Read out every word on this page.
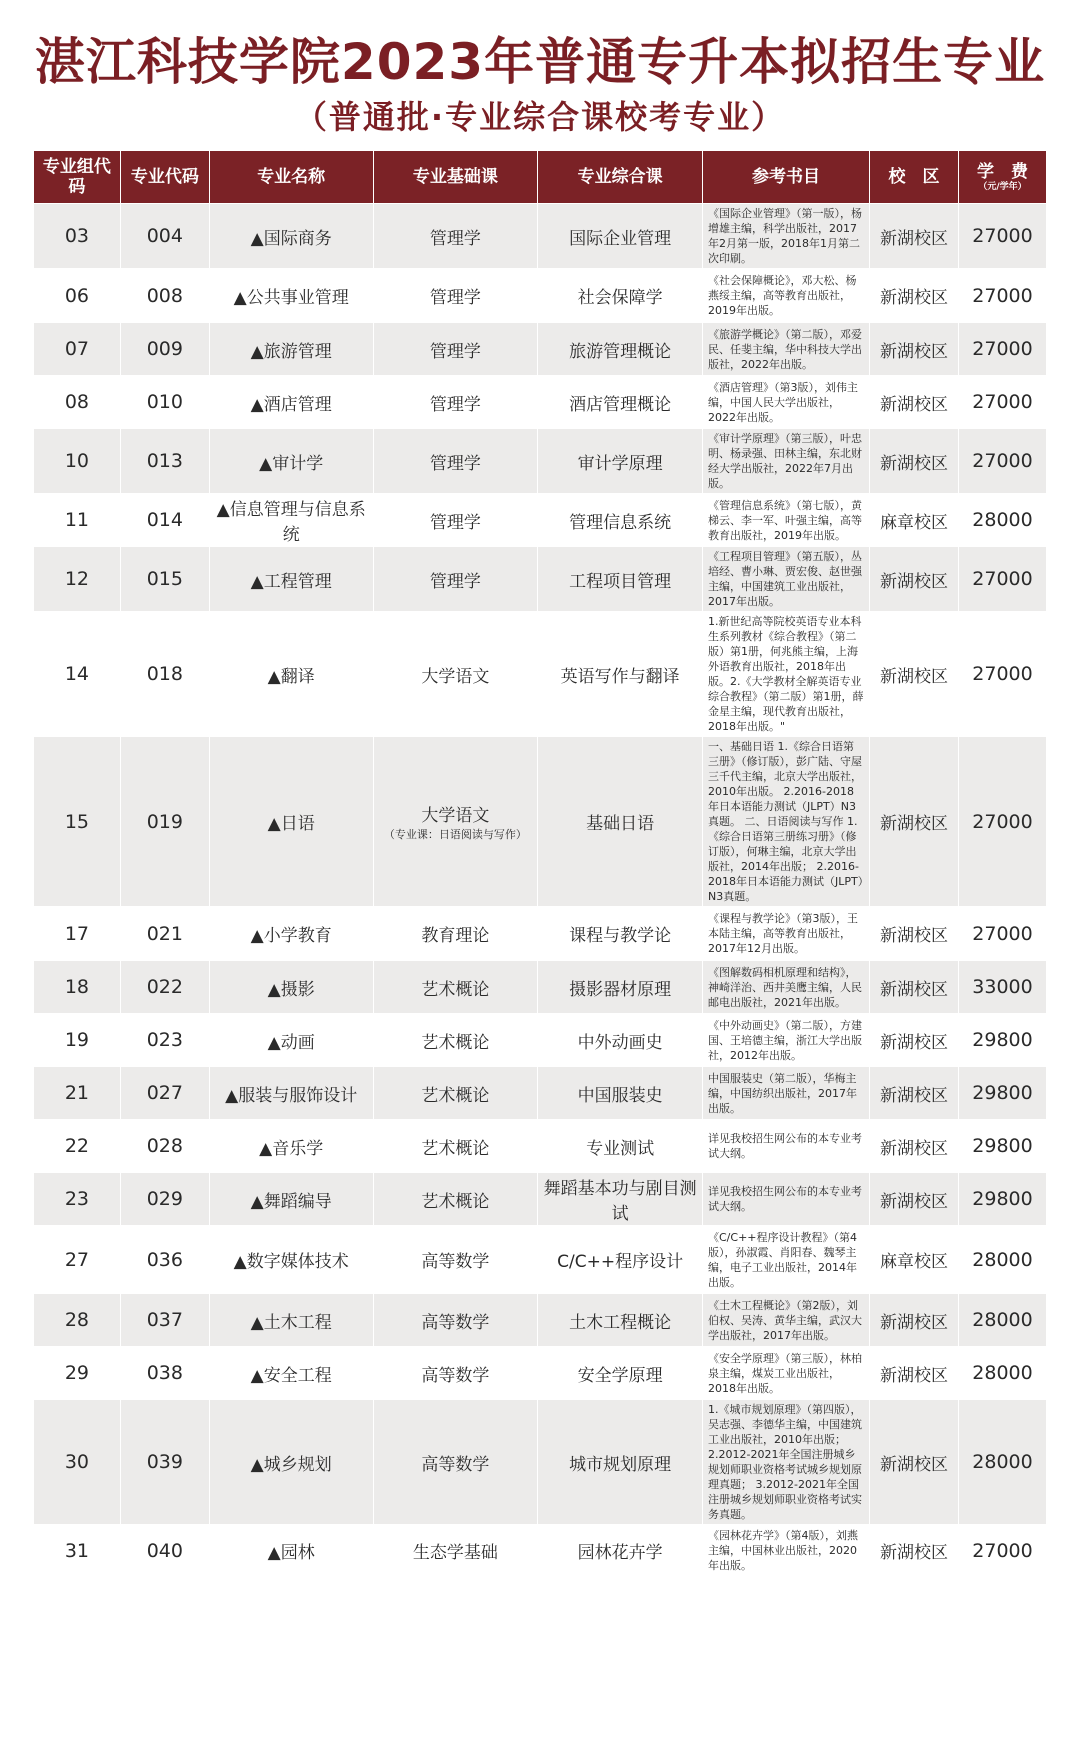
湛江科技学院2023年普通专升本拟招生专业
（普通批·专业综合课校考专业）
专业组代码	专业代码	专业名称	专业基础课	专业综合课	参考书目	校　区	学　费
（元/学年）

03	004	▲国际商务	管理学	国际企业管理	《国际企业管理》（第一版），杨增雄主编，科学出版社，2017年2月第一版，2018年1月第二次印刷。	新湖校区	27000
06	008	▲公共事业管理	管理学	社会保障学	《社会保障概论》，邓大松、杨燕绥主编，高等教育出版社，2019年出版。	新湖校区	27000
07	009	▲旅游管理	管理学	旅游管理概论	《旅游学概论》（第二版），邓爱民、任斐主编，华中科技大学出版社，2022年出版。	新湖校区	27000
08	010	▲酒店管理	管理学	酒店管理概论	《酒店管理》（第3版），刘伟主编，中国人民大学出版社，2022年出版。	新湖校区	27000
10	013	▲审计学	管理学	审计学原理	《审计学原理》（第三版），叶忠明、杨录强、田林主编，东北财经大学出版社，2022年7月出版。	新湖校区	27000
11	014	▲信息管理与信息系统	管理学	管理信息系统	《管理信息系统》（第七版），黄梯云、李一军、叶强主编，高等教育出版社，2019年出版。	麻章校区	28000
12	015	▲工程管理	管理学	工程项目管理	《工程项目管理》（第五版），丛培经、曹小琳、贾宏俊、赵世强主编，中国建筑工业出版社，2017年出版。	新湖校区	27000
14	018	▲翻译	大学语文	英语写作与翻译	1.新世纪高等院校英语专业本科生系列教材《综合教程》（第二版）第1册，何兆熊主编，上海外语教育出版社，2018年出版。2.《大学教材全解英语专业综合教程》（第二版）第1册，薛金星主编，现代教育出版社，2018年出版。"	新湖校区	27000
15	019	▲日语	大学语文
（专业课：日语阅读与写作）	基础日语	一、基础日语 1.《综合日语第三册》（修订版），彭广陆、守屋三千代主编，北京大学出版社，2010年出版。 2.2016-2018年日本语能力测试（JLPT）N3真题。 二、日语阅读与写作 1.《综合日语第三册练习册》（修订版），何琳主编，北京大学出版社，2014年出版； 2.2016-2018年日本语能力测试（JLPT）N3真题。	新湖校区	27000
17	021	▲小学教育	教育理论	课程与教学论	《课程与教学论》（第3版），王本陆主编，高等教育出版社，2017年12月出版。	新湖校区	27000
18	022	▲摄影	艺术概论	摄影器材原理	《图解数码相机原理和结构》，神崎洋治、西井美鹰主编，人民邮电出版社，2021年出版。	新湖校区	33000
19	023	▲动画	艺术概论	中外动画史	《中外动画史》（第二版），方建国、王培德主编，浙江大学出版社，2012年出版。	新湖校区	29800
21	027	▲服装与服饰设计	艺术概论	中国服装史	中国服装史（第二版），华梅主编，中国纺织出版社，2017年出版。	新湖校区	29800
22	028	▲音乐学	艺术概论	专业测试	详见我校招生网公布的本专业考试大纲。	新湖校区	29800
23	029	▲舞蹈编导	艺术概论	舞蹈基本功与剧目测试	详见我校招生网公布的本专业考试大纲。	新湖校区	29800
27	036	▲数字媒体技术	高等数学	C/C++程序设计	《C/C++程序设计教程》（第4版），孙淑霞、肖阳春、魏琴主编，电子工业出版社，2014年出版。	麻章校区	28000
28	037	▲土木工程	高等数学	土木工程概论	《土木工程概论》（第2版），刘伯权、吴涛、黄华主编，武汉大学出版社，2017年出版。	新湖校区	28000
29	038	▲安全工程	高等数学	安全学原理	《安全学原理》（第三版），林柏泉主编，煤炭工业出版社，2018年出版。	新湖校区	28000
30	039	▲城乡规划	高等数学	城市规划原理	1.《城市规划原理》（第四版），吴志强、李德华主编，中国建筑工业出版社，2010年出版； 2.2012-2021年全国注册城乡规划师职业资格考试城乡规划原理真题； 3.2012-2021年全国注册城乡规划师职业资格考试实务真题。	新湖校区	28000
31	040	▲园林	生态学基础	园林花卉学	《园林花卉学》（第4版），刘燕主编，中国林业出版社，2020年出版。	新湖校区	27000
